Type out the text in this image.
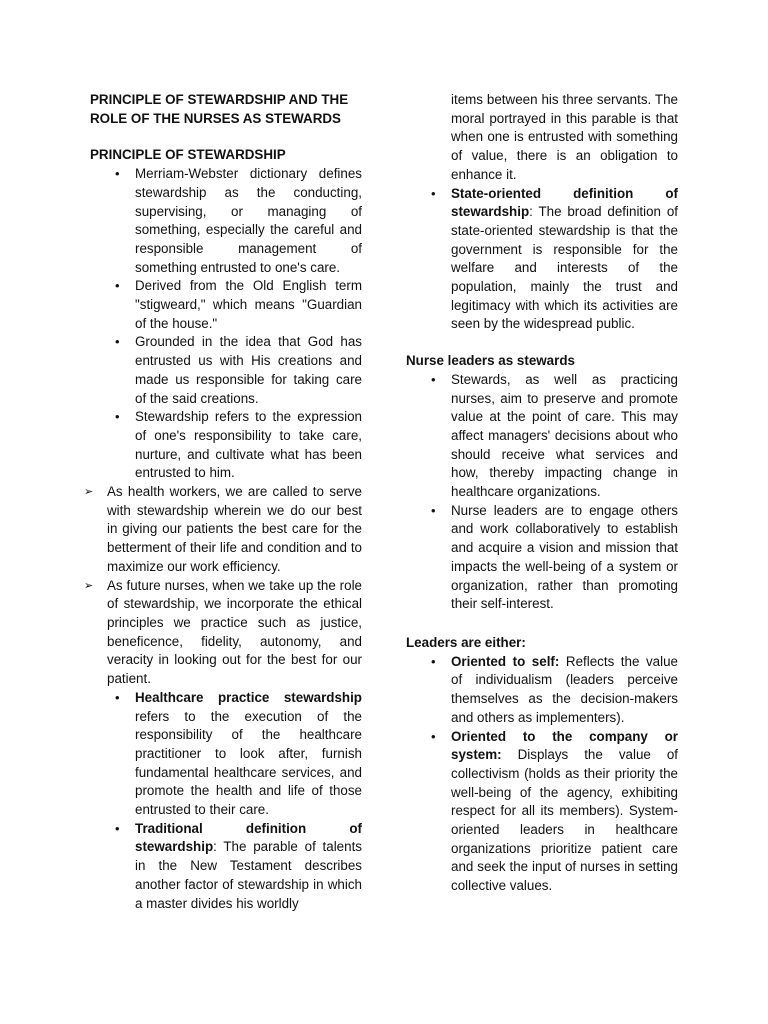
PRINCIPLE OF STEWARDSHIP AND THE ROLE OF THE NURSES AS STEWARDS

PRINCIPLE OF STEWARDSHIP

• Merriam-Webster dictionary defines stewardship as the conducting, supervising, or managing of something, especially the careful and responsible management of something entrusted to one's care.
• Derived from the Old English term "stigweard," which means "Guardian of the house."
• Grounded in the idea that God has entrusted us with His creations and made us responsible for taking care of the said creations.
• Stewardship refers to the expression of one's responsibility to take care, nurture, and cultivate what has been entrusted to him.
➢ As health workers, we are called to serve with stewardship wherein we do our best in giving our patients the best care for the betterment of their life and condition and to maximize our work efficiency.
➢ As future nurses, when we take up the role of stewardship, we incorporate the ethical principles we practice such as justice, beneficence, fidelity, autonomy, and veracity in looking out for the best for our patient.
• Healthcare practice stewardship refers to the execution of the responsibility of the healthcare practitioner to look after, furnish fundamental healthcare services, and promote the health and life of those entrusted to their care.
• Traditional definition of stewardship: The parable of talents in the New Testament describes another factor of stewardship in which a master divides his worldly

items between his three servants. The moral portrayed in this parable is that when one is entrusted with something of value, there is an obligation to enhance it.

• State-oriented definition of stewardship: The broad definition of state-oriented stewardship is that the government is responsible for the welfare and interests of the population, mainly the trust and legitimacy with which its activities are seen by the widespread public.

Nurse leaders as stewards

• Stewards, as well as practicing nurses, aim to preserve and promote value at the point of care. This may affect managers' decisions about who should receive what services and how, thereby impacting change in healthcare organizations.
• Nurse leaders are to engage others and work collaboratively to establish and acquire a vision and mission that impacts the well-being of a system or organization, rather than promoting their self-interest.

Leaders are either:

• Oriented to self: Reflects the value of individualism (leaders perceive themselves as the decision-makers and others as implementers).
• Oriented to the company or system: Displays the value of collectivism (holds as their priority the well-being of the agency, exhibiting respect for all its members). System-oriented leaders in healthcare organizations prioritize patient care and seek the input of nurses in setting collective values.
